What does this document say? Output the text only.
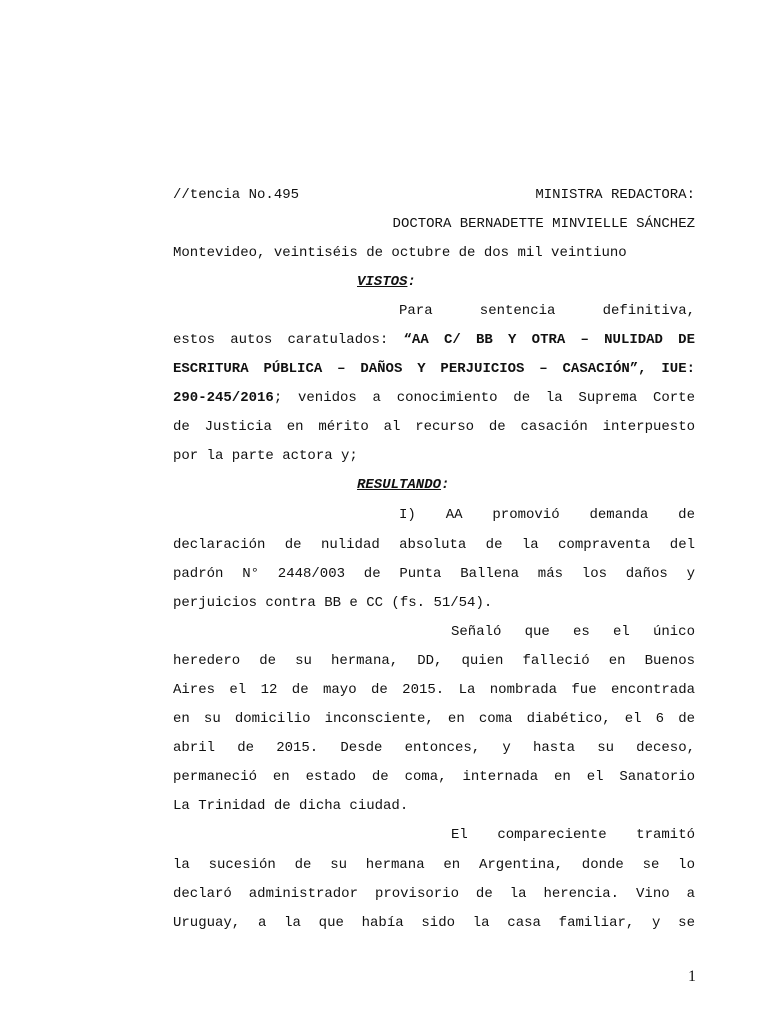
//tencia No.495	MINISTRA REDACTORA:
DOCTORA BERNADETTE MINVIELLE SÁNCHEZ
Montevideo, veintiséis de octubre de dos mil veintiuno
VISTOS:
Para sentencia definitiva,
estos autos caratulados: “AA C/ BB Y OTRA – NULIDAD DE
ESCRITURA PÚBLICA – DAÑOS Y PERJUICIOS – CASACIÓN”, IUE:
290-245/2016; venidos a conocimiento de la Suprema Corte
de Justicia en mérito al recurso de casación interpuesto
por la parte actora y;
RESULTANDO:
I) AA promovió demanda de
declaración de nulidad absoluta de la compraventa del
padrón N° 2448/003 de Punta Ballena más los daños y
perjuicios contra BB e CC (fs. 51/54).
Señaló que es el único
heredero de su hermana, DD, quien falleció en Buenos
Aires el 12 de mayo de 2015. La nombrada fue encontrada
en su domicilio inconsciente, en coma diabético, el 6 de
abril de 2015. Desde entonces, y hasta su deceso,
permaneció en estado de coma, internada en el Sanatorio
La Trinidad de dicha ciudad.
El compareciente tramitó
la sucesión de su hermana en Argentina, donde se lo
declaró administrador provisorio de la herencia. Vino a
Uruguay, a la que había sido la casa familiar, y se
1
